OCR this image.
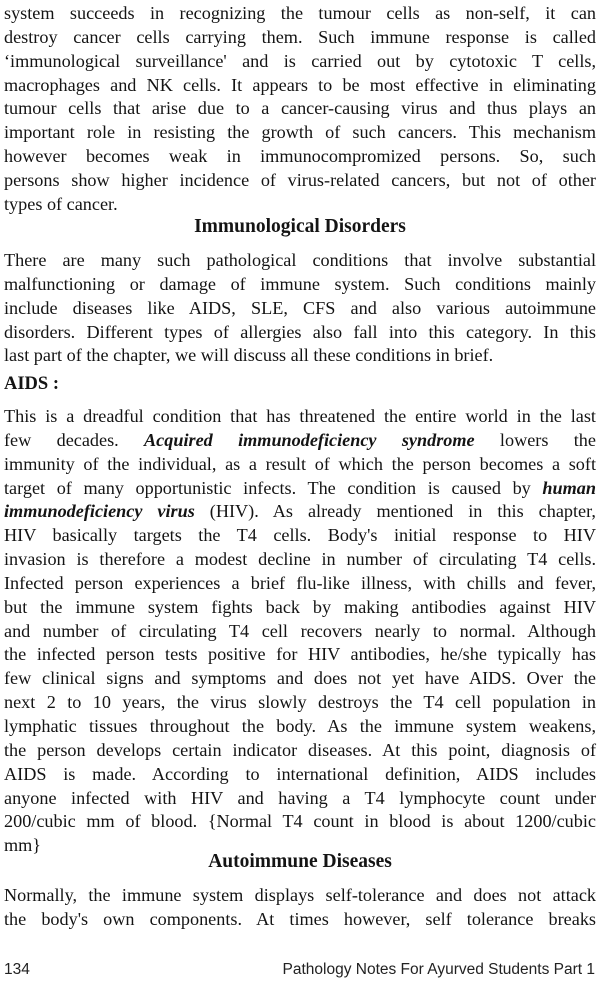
system succeeds in recognizing the tumour cells as non-self, it can
destroy cancer cells carrying them. Such immune response is called
‘immunological surveillance' and is carried out by cytotoxic T cells,
macrophages and NK cells. It appears to be most effective in eliminating
tumour cells that arise due to a cancer-causing virus and thus plays an
important role in resisting the growth of such cancers. This mechanism
however becomes weak in immunocompromized persons. So, such
persons show higher incidence of virus-related cancers, but not of other
types of cancer.
Immunological Disorders
There are many such pathological conditions that involve substantial
malfunctioning or damage of immune system. Such conditions mainly
include diseases like AIDS, SLE, CFS and also various autoimmune
disorders. Different types of allergies also fall into this category. In this
last part of the chapter, we will discuss all these conditions in brief.
AIDS :
This is a dreadful condition that has threatened the entire world in the last
few decades. Acquired immunodeficiency syndrome lowers the
immunity of the individual, as a result of which the person becomes a soft
target of many opportunistic infects. The condition is caused by human
immunodeficiency virus (HIV). As already mentioned in this chapter,
HIV basically targets the T4 cells. Body's initial response to HIV
invasion is therefore a modest decline in number of circulating T4 cells.
Infected person experiences a brief flu-like illness, with chills and fever,
but the immune system fights back by making antibodies against HIV
and number of circulating T4 cell recovers nearly to normal. Although
the infected person tests positive for HIV antibodies, he/she typically has
few clinical signs and symptoms and does not yet have AIDS. Over the
next 2 to 10 years, the virus slowly destroys the T4 cell population in
lymphatic tissues throughout the body. As the immune system weakens,
the person develops certain indicator diseases. At this point, diagnosis of
AIDS is made. According to international definition, AIDS includes
anyone infected with HIV and having a T4 lymphocyte count under
200/cubic mm of blood. {Normal T4 count in blood is about 1200/cubic
mm}
Autoimmune Diseases
Normally, the immune system displays self-tolerance and does not attack
the body's own components. At times however, self tolerance breaks
134	Pathology Notes For Ayurved Students Part 1
